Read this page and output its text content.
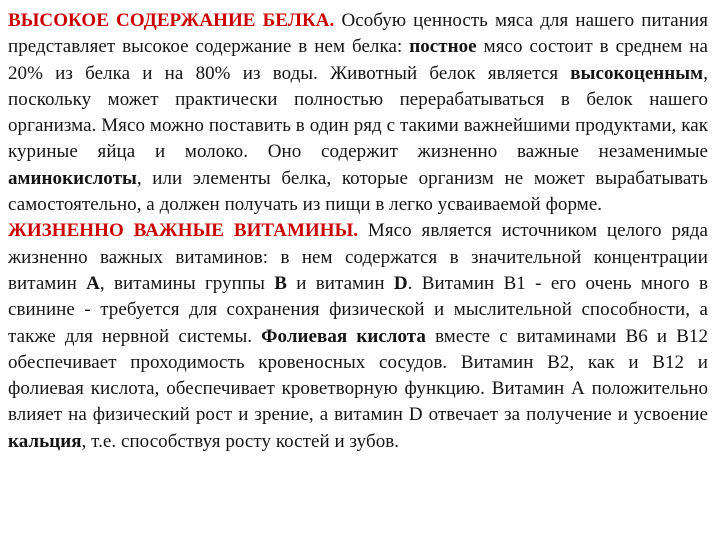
ВЫСОКОЕ СОДЕРЖАНИЕ БЕЛКА. Особую ценность мяса для нашего питания представляет высокое содержание в нем белка: постное мясо состоит в среднем на 20% из белка и на 80% из воды. Животный белок является высокоценным, поскольку может практически полностью перерабатываться в белок нашего организма. Мясо можно поставить в один ряд с такими важнейшими продуктами, как куриные яйца и молоко. Оно содержит жизненно важные незаменимые аминокислоты, или элементы белка, которые организм не может вырабатывать самостоятельно, а должен получать из пищи в легко усваиваемой форме.

ЖИЗНЕННО ВАЖНЫЕ ВИТАМИНЫ. Мясо является источником целого ряда жизненно важных витаминов: в нем содержатся в значительной концентрации витамин А, витамины группы В и витамин D. Витамин В1 - его очень много в свинине - требуется для сохранения физической и мыслительной способности, а также для нервной системы. Фолиевая кислота вместе с витаминами В6 и В12 обеспечивает проходимость кровеносных сосудов. Витамин В2, как и В12 и фолиевая кислота, обеспечивает кроветворную функцию. Витамин А положительно влияет на физический рост и зрение, а витамин D отвечает за получение и усвоение кальция, т.е. способствуя росту костей и зубов.
